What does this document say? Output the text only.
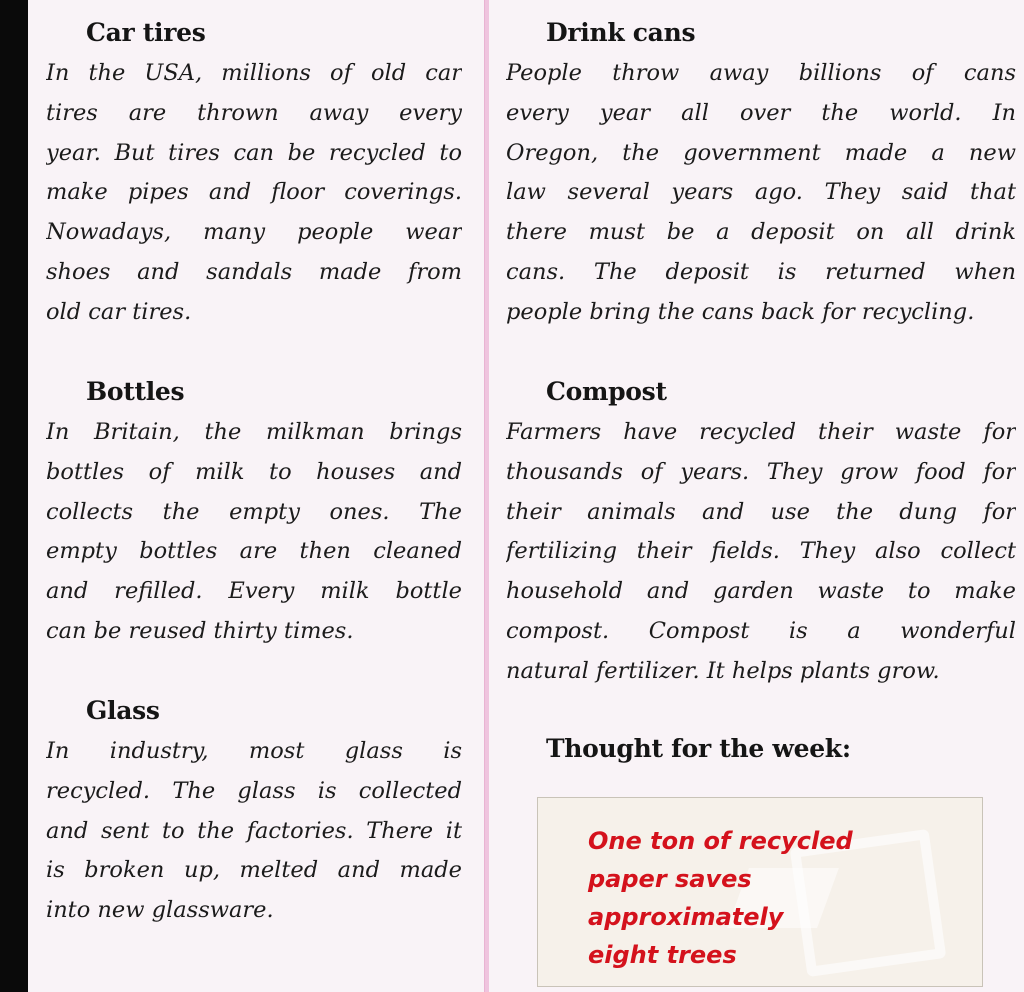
Car tires
In the USA, millions of old car
tires are thrown away every
year. But tires can be recycled to
make pipes and floor coverings.
Nowadays, many people wear
shoes and sandals made from
old car tires.
Bottles
In Britain, the milkman brings
bottles of milk to houses and
collects the empty ones. The
empty bottles are then cleaned
and refilled. Every milk bottle
can be reused thirty times.
Glass
In industry, most glass is
recycled. The glass is collected
and sent to the factories. There it
is broken up, melted and made
into new glassware.
Drink cans
People throw away billions of cans
every year all over the world. In
Oregon, the government made a new
law several years ago. They said that
there must be a deposit on all drink
cans. The deposit is returned when
people bring the cans back for recycling.
Compost
Farmers have recycled their waste for
thousands of years. They grow food for
their animals and use the dung for
fertilizing their fields. They also collect
household and garden waste to make
compost. Compost is a wonderful
natural fertilizer. It helps plants grow.
Thought for the week:
One ton of recycled
paper saves
approximately
eight trees
